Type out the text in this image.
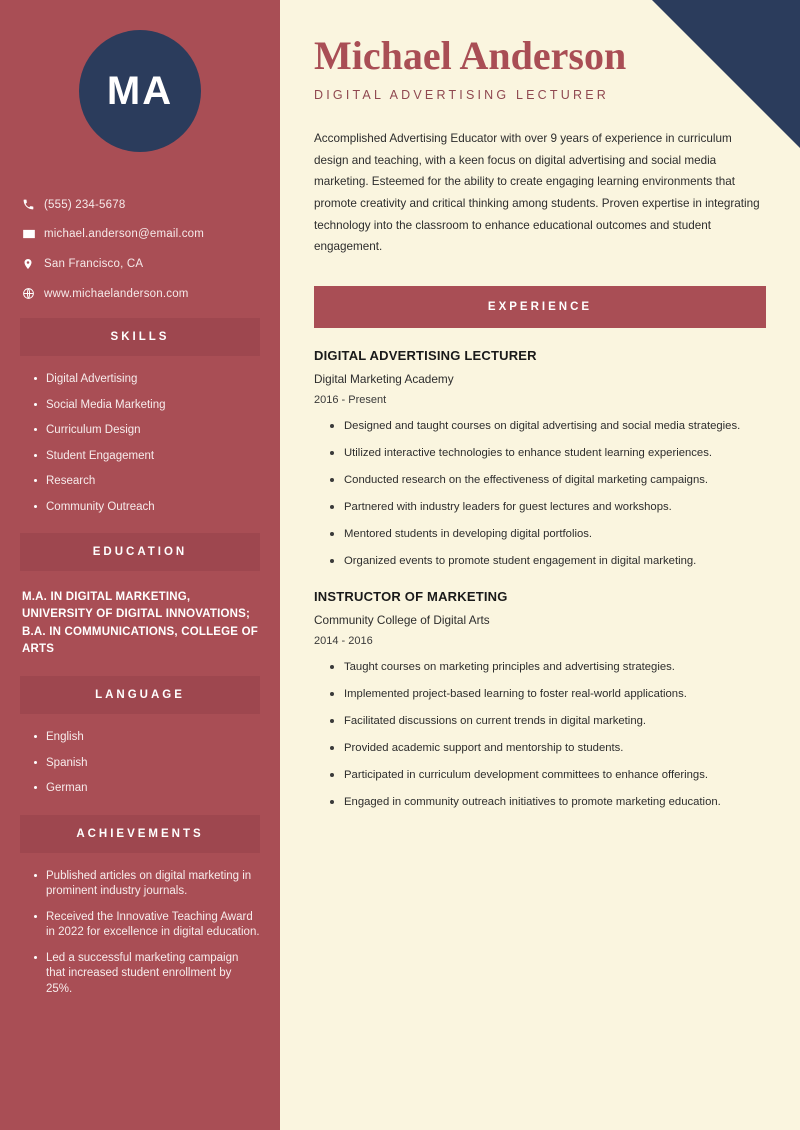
MA
(555) 234-5678
michael.anderson@email.com
San Francisco, CA
www.michaelanderson.com
SKILLS
Digital Advertising
Social Media Marketing
Curriculum Design
Student Engagement
Research
Community Outreach
EDUCATION
M.A. IN DIGITAL MARKETING, UNIVERSITY OF DIGITAL INNOVATIONS; B.A. IN COMMUNICATIONS, COLLEGE OF ARTS
LANGUAGE
English
Spanish
German
ACHIEVEMENTS
Published articles on digital marketing in prominent industry journals.
Received the Innovative Teaching Award in 2022 for excellence in digital education.
Led a successful marketing campaign that increased student enrollment by 25%.
Michael Anderson
DIGITAL ADVERTISING LECTURER

Accomplished Advertising Educator with over 9 years of experience in curriculum design and teaching, with a keen focus on digital advertising and social media marketing. Esteemed for the ability to create engaging learning environments that promote creativity and critical thinking among students. Proven expertise in integrating technology into the classroom to enhance educational outcomes and student engagement.

EXPERIENCE
DIGITAL ADVERTISING LECTURER
Digital Marketing Academy
2016 - Present
Designed and taught courses on digital advertising and social media strategies.
Utilized interactive technologies to enhance student learning experiences.
Conducted research on the effectiveness of digital marketing campaigns.
Partnered with industry leaders for guest lectures and workshops.
Mentored students in developing digital portfolios.
Organized events to promote student engagement in digital marketing.
INSTRUCTOR OF MARKETING
Community College of Digital Arts
2014 - 2016
Taught courses on marketing principles and advertising strategies.
Implemented project-based learning to foster real-world applications.
Facilitated discussions on current trends in digital marketing.
Provided academic support and mentorship to students.
Participated in curriculum development committees to enhance offerings.
Engaged in community outreach initiatives to promote marketing education.
